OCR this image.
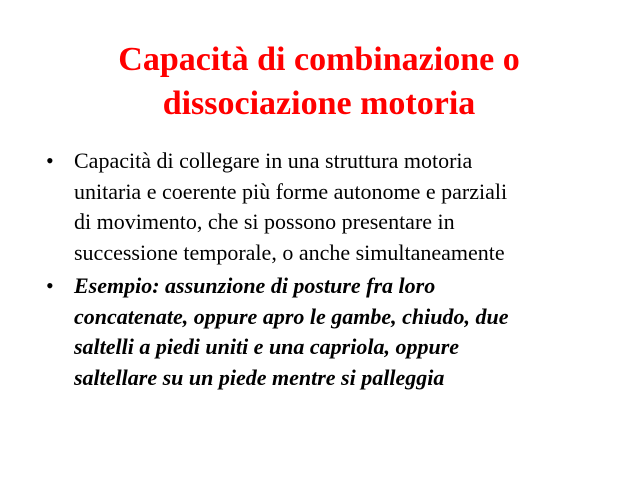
Capacità di combinazione o
dissociazione motoria
• Capacità di collegare in una struttura motoria
unitaria e coerente più forme autonome e parziali
di movimento, che si possono presentare in
successione temporale, o anche simultaneamente
• Esempio: assunzione di posture fra loro
concatenate, oppure apro le gambe, chiudo, due
saltelli a piedi uniti e una capriola, oppure
saltellare su un piede mentre si palleggia
